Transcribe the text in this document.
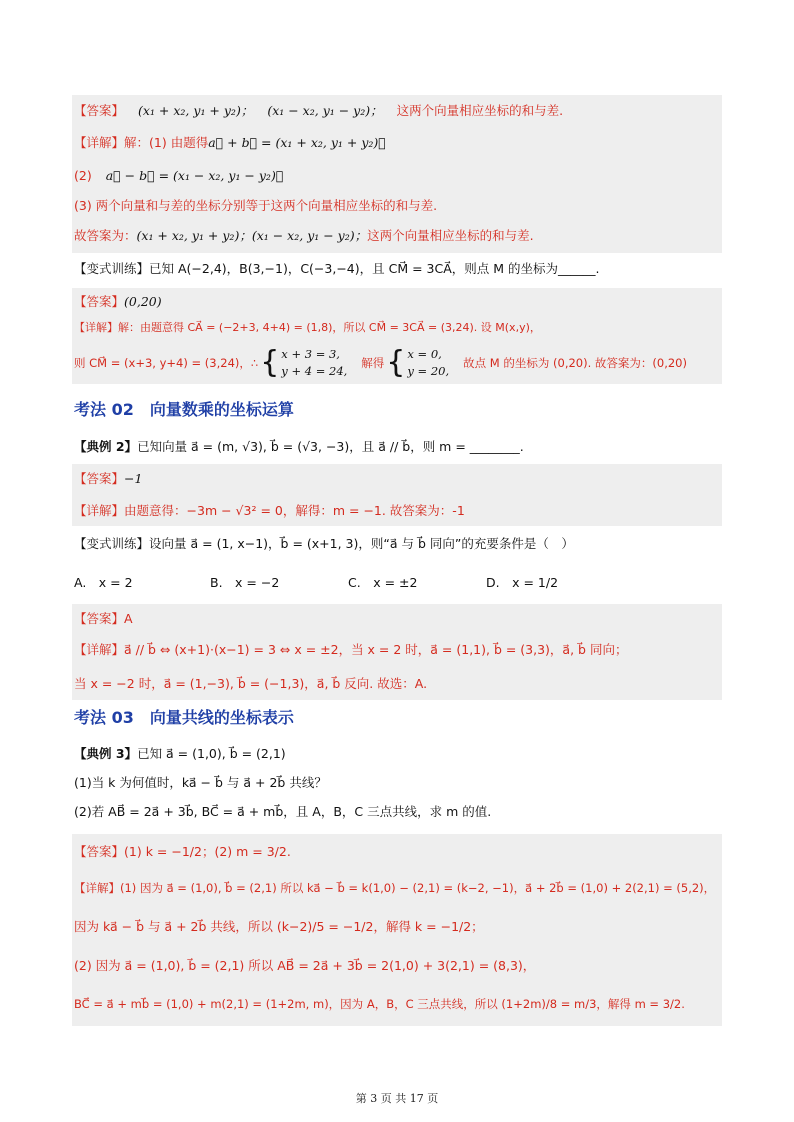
【答案】 (x₁ + x₂, y₁ + y₂)； (x₁ − x₂, y₁ − y₂)； 这两个向量相应坐标的和与差.
【详解】 解：(1) 由题得 a⃗ + b⃗ = (x₁ + x₂, y₁ + y₂)；
(2) a⃗ − b⃗ = (x₁ − x₂, y₁ − y₂)；
(3) 两个向量和与差的坐标分别等于这两个向量相应坐标的和与差.
故答案为： (x₁ + x₂, y₁ + y₂)；(x₁ − x₂, y₁ − y₂)； 这两个向量相应坐标的和与差.
【变式训练】 已知 A(−2,4)，B(3,−1)，C(−3,−4)，且 CM⃗ = 3CA⃗，则点 M 的坐标为______.
【答案】 (0,20)
【详解】 解：由题意得 CA⃗ = (−2+3, 4+4) = (1,8)，所以 CM⃗ = 3CA⃗ = (3,24). 设 M(x,y)，
则 CM⃗ = (x+3, y+4) = (3,24)，∴ { x + 3 = 3,
y + 4 = 24,
解得 { x = 0,
y = 20,
故点 M 的坐标为 (0,20). 故答案为：(0,20)
考法 02　向量数乘的坐标运算
【典例 2】 已知向量 a⃗ = (m, √3), b⃗ = (√3, −3)，且 a⃗ // b⃗，则 m = ________.
【答案】 −1
【详解】 由题意得：−3m − √3² = 0，解得：m = −1. 故答案为：-1
【变式训练】 设向量 a⃗ = (1, x−1)，b⃗ = (x+1, 3)，则“a⃗ 与 b⃗ 同向”的充要条件是（　）
A.　x = 2	B.　x = −2	C.　x = ±2	D.　x = 1/2
【答案】 A
【详解】 a⃗ // b⃗ ⇔ (x+1)·(x−1) = 3 ⇔ x = ±2，当 x = 2 时，a⃗ = (1,1), b⃗ = (3,3)，a⃗, b⃗ 同向；
当 x = −2 时，a⃗ = (1,−3), b⃗ = (−1,3)，a⃗, b⃗ 反向. 故选：A.
考法 03　向量共线的坐标表示
【典例 3】 已知 a⃗ = (1,0), b⃗ = (2,1)
(1)当 k 为何值时，ka⃗ − b⃗ 与 a⃗ + 2b⃗ 共线？
(2)若 AB⃗ = 2a⃗ + 3b⃗, BC⃗ = a⃗ + mb⃗，且 A，B，C 三点共线，求 m 的值.
【答案】 (1) k = −1/2；(2) m = 3/2.
【详解】 (1) 因为 a⃗ = (1,0), b⃗ = (2,1) 所以 ka⃗ − b⃗ = k(1,0) − (2,1) = (k−2, −1)，a⃗ + 2b⃗ = (1,0) + 2(2,1) = (5,2)，
因为 ka⃗ − b⃗ 与 a⃗ + 2b⃗ 共线，所以 (k−2)/5 = −1/2，解得 k = −1/2；
(2) 因为 a⃗ = (1,0), b⃗ = (2,1) 所以 AB⃗ = 2a⃗ + 3b⃗ = 2(1,0) + 3(2,1) = (8,3)，
BC⃗ = a⃗ + mb⃗ = (1,0) + m(2,1) = (1+2m, m)，因为 A，B，C 三点共线，所以 (1+2m)/8 = m/3，解得 m = 3/2.
第 3 页 共 17 页
